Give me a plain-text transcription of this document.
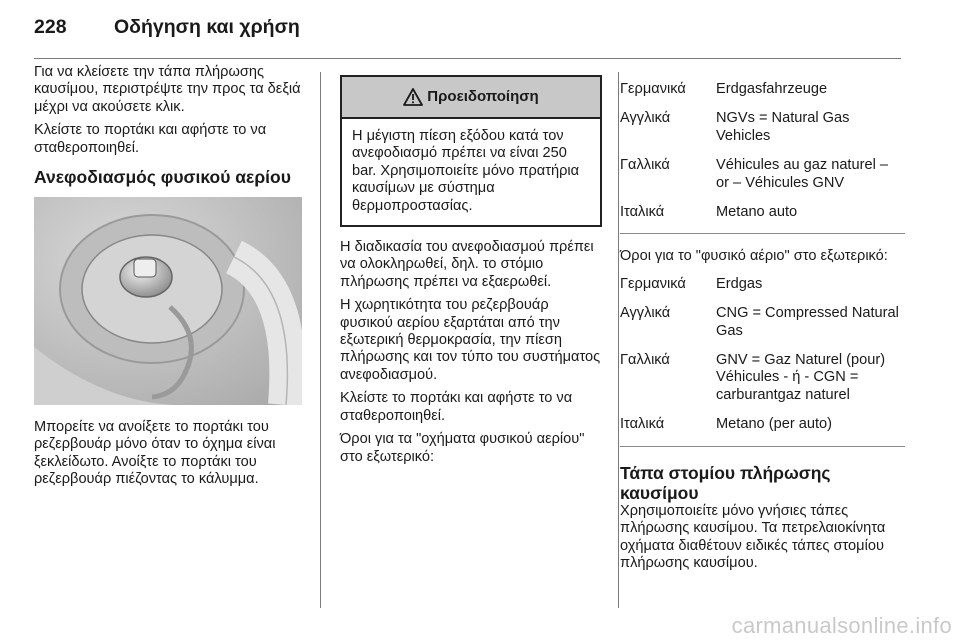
228 Οδήγηση και χρήση

Για να κλείσετε την τάπα πλήρωσης καυσίμου, περιστρέψτε την προς τα δεξιά μέχρι να ακούσετε κλικ.

Κλείστε το πορτάκι και αφήστε το να σταθεροποιηθεί.

Ανεφοδιασμός φυσικού αερίου

Μπορείτε να ανοίξετε το πορτάκι του ρεζερβουάρ μόνο όταν το όχημα είναι ξεκλείδωτο. Ανοίξτε το πορτάκι του ρεζερβουάρ πιέζοντας το κάλυμμα.

Προειδοποίηση
Η μέγιστη πίεση εξόδου κατά τον ανεφοδιασμό πρέπει να είναι 250 bar. Χρησιμοποιείτε μόνο πρατήρια καυσίμων με σύστημα θερμοπροστασίας.

Η διαδικασία του ανεφοδιασμού πρέπει να ολοκληρωθεί, δηλ. το στόμιο πλήρωσης πρέπει να εξαερωθεί.

Η χωρητικότητα του ρεζερβουάρ φυσικού αερίου εξαρτάται από την εξωτερική θερμοκρασία, την πίεση πλήρωσης και τον τύπο του συστήματος ανεφοδιασμού.

Κλείστε το πορτάκι και αφήστε το να σταθεροποιηθεί.

Όροι για τα "οχήματα φυσικού αερίου" στο εξωτερικό:

Γερμανικά	Erdgasfahrzeuge
Αγγλικά	NGVs = Natural Gas Vehicles
Γαλλικά	Véhicules au gaz naturel – or – Véhicules GNV
Ιταλικά	Metano auto

Όροι για το "φυσικό αέριο" στο εξωτερικό:

Γερμανικά	Erdgas
Αγγλικά	CNG = Compressed Natural Gas
Γαλλικά	GNV = Gaz Naturel (pour) Véhicules - ή - CGN = carburantgaz naturel
Ιταλικά	Metano (per auto)

Τάπα στομίου πλήρωσης καυσίμου

Χρησιμοποιείτε μόνο γνήσιες τάπες πλήρωσης καυσίμου. Τα πετρελαιοκίνητα οχήματα διαθέτουν ειδικές τάπες στομίου πλήρωσης καυσίμου.

carmanualsonline.info
